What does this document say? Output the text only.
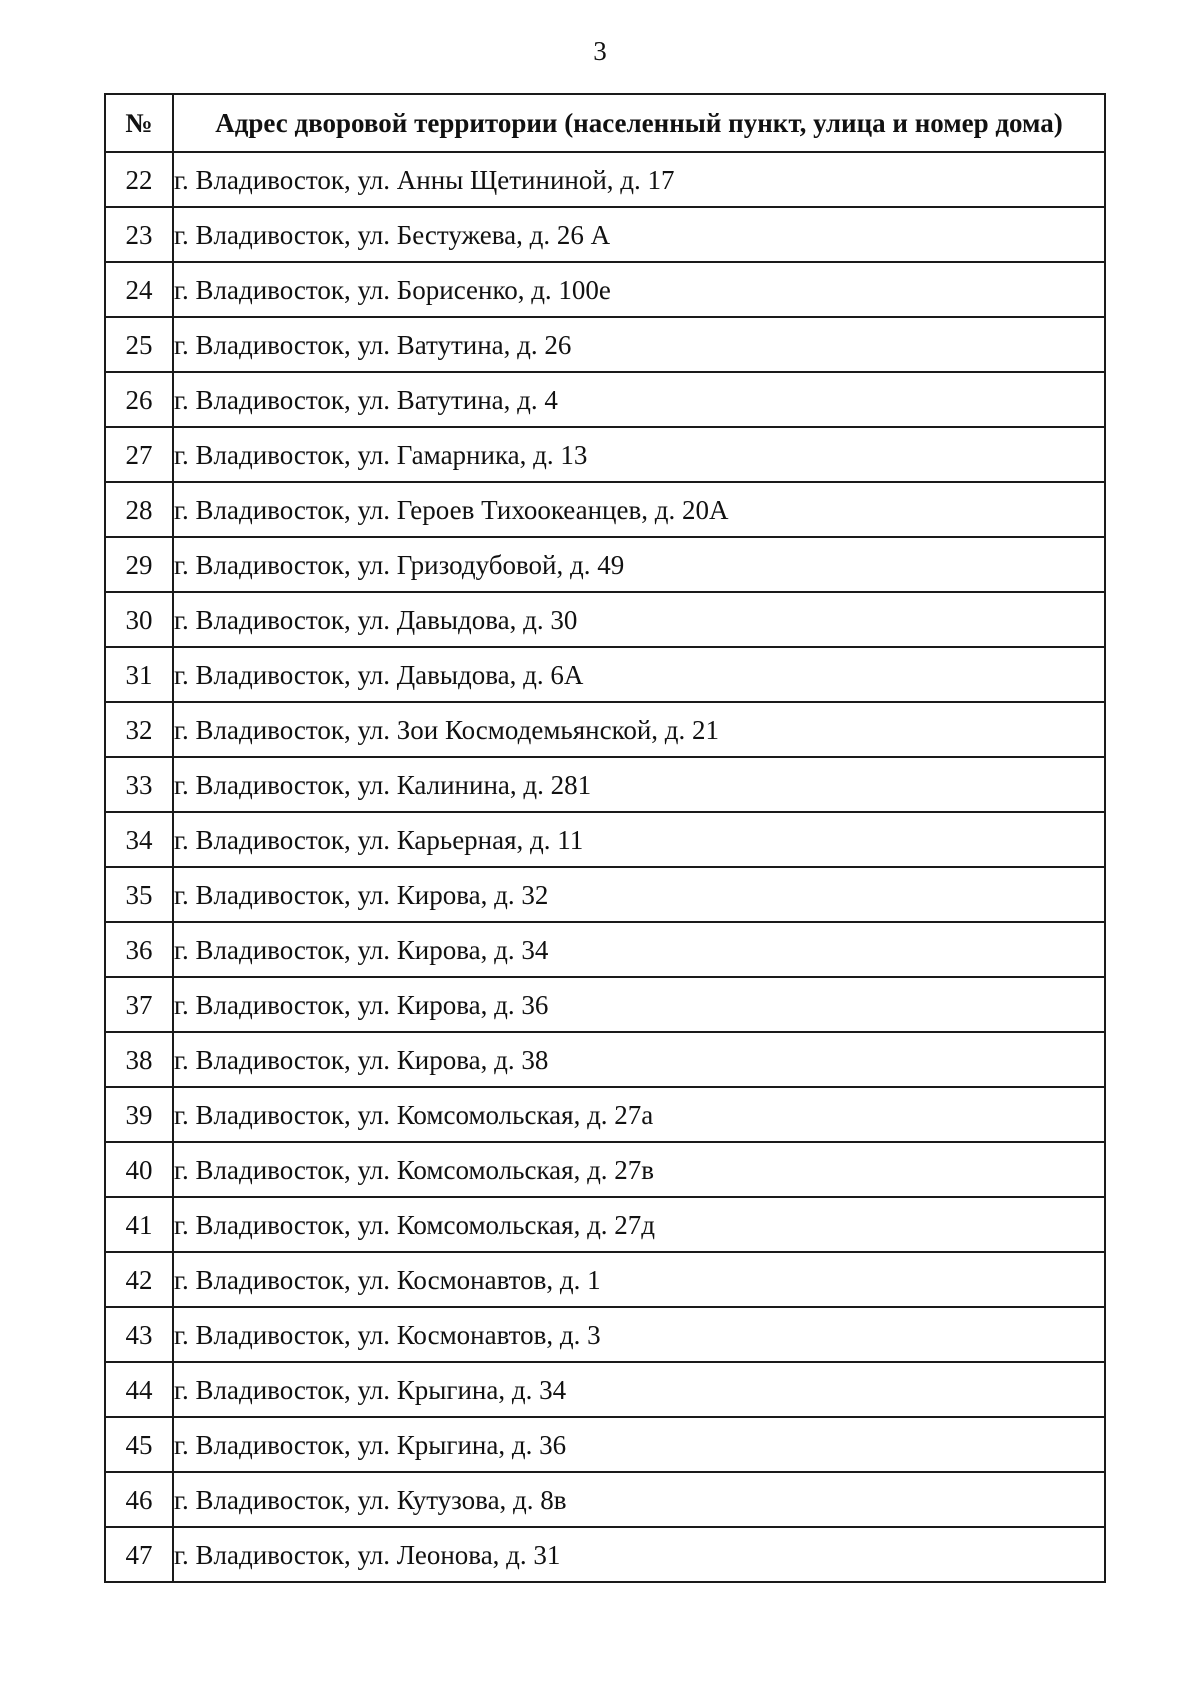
3
№	Адрес дворовой территории (населенный пункт, улица и номер дома)
22	г. Владивосток, ул. Анны Щетининой, д. 17
23	г. Владивосток, ул. Бестужева, д. 26 А
24	г. Владивосток, ул. Борисенко, д. 100е
25	г. Владивосток, ул. Ватутина, д. 26
26	г. Владивосток, ул. Ватутина, д. 4
27	г. Владивосток, ул. Гамарника, д. 13
28	г. Владивосток, ул. Героев Тихоокеанцев, д. 20А
29	г. Владивосток, ул. Гризодубовой, д. 49
30	г. Владивосток, ул. Давыдова, д. 30
31	г. Владивосток, ул. Давыдова, д. 6А
32	г. Владивосток, ул. Зои Космодемьянской, д. 21
33	г. Владивосток, ул. Калинина, д. 281
34	г. Владивосток, ул. Карьерная, д. 11
35	г. Владивосток, ул. Кирова, д. 32
36	г. Владивосток, ул. Кирова, д. 34
37	г. Владивосток, ул. Кирова, д. 36
38	г. Владивосток, ул. Кирова, д. 38
39	г. Владивосток, ул. Комсомольская, д. 27а
40	г. Владивосток, ул. Комсомольская, д. 27в
41	г. Владивосток, ул. Комсомольская, д. 27д
42	г. Владивосток, ул. Космонавтов, д. 1
43	г. Владивосток, ул. Космонавтов, д. 3
44	г. Владивосток, ул. Крыгина, д. 34
45	г. Владивосток, ул. Крыгина, д. 36
46	г. Владивосток, ул. Кутузова, д. 8в
47	г. Владивосток, ул. Леонова, д. 31
